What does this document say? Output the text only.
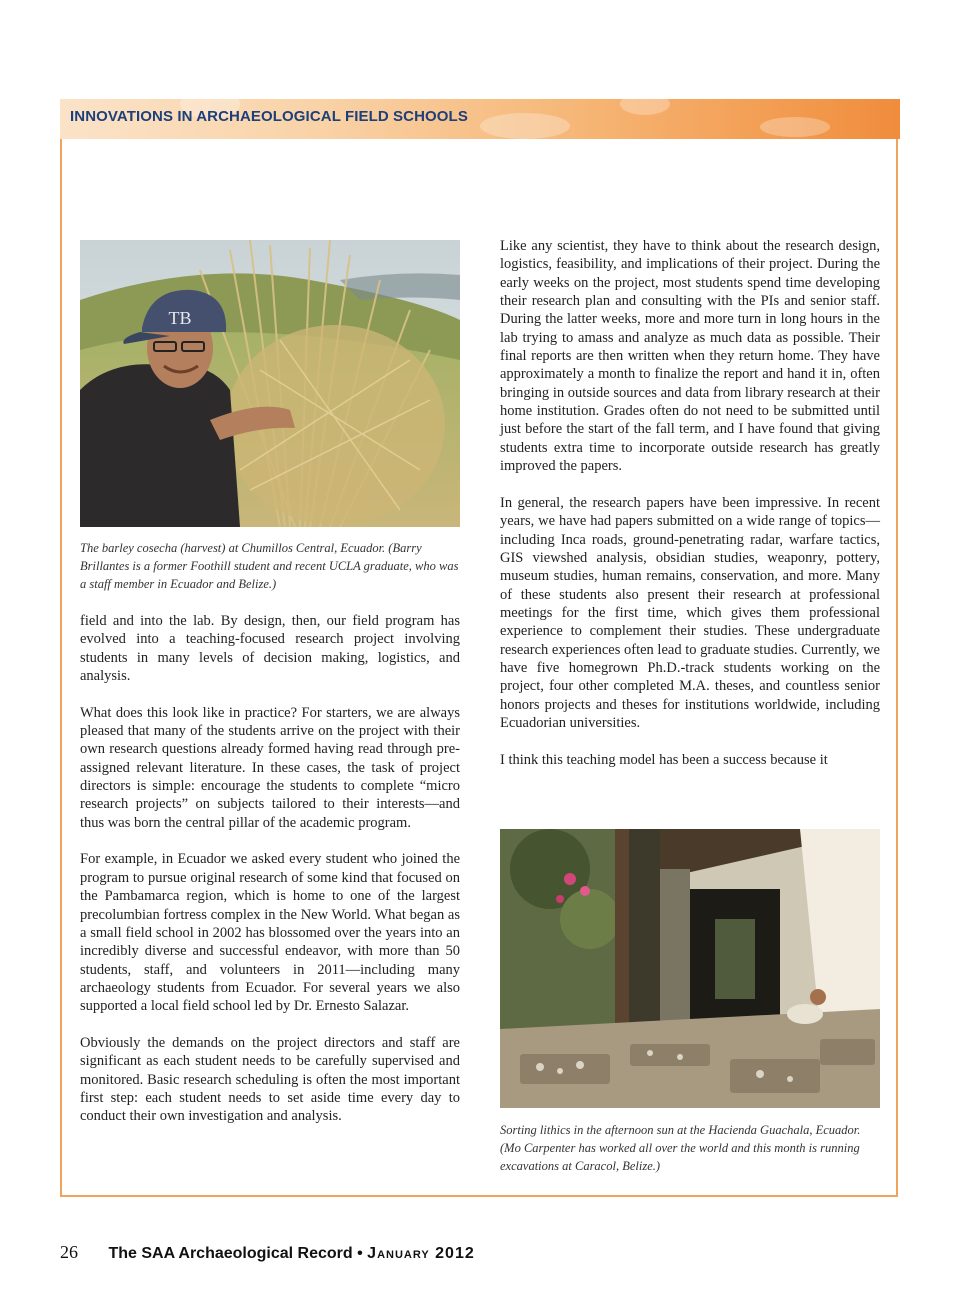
INNOVATIONS IN ARCHAEOLOGICAL FIELD SCHOOLS
TB
The barley cosecha (harvest) at Chumillos Central, Ecuador. (Barry Brillantes is a former Foothill student and recent UCLA graduate, who was a staff member in Ecuador and Belize.)

field and into the lab. By design, then, our field program has evolved into a teaching-focused research project involving students in many levels of decision making, logistics, and analysis.

What does this look like in practice? For starters, we are always pleased that many of the students arrive on the project with their own research questions already formed having read through pre-assigned relevant literature. In these cases, the task of project directors is simple: encourage the students to complete “micro research projects” on subjects tailored to their interests—and thus was born the central pillar of the academic program.

For example, in Ecuador we asked every student who joined the program to pursue original research of some kind that focused on the Pambamarca region, which is home to one of the largest precolumbian fortress complex in the New World. What began as a small field school in 2002 has blossomed over the years into an incredibly diverse and successful endeavor, with more than 50 students, staff, and volunteers in 2011—including many archaeology students from Ecuador. For several years we also supported a local field school led by Dr. Ernesto Salazar.

Obviously the demands on the project directors and staff are significant as each student needs to be carefully supervised and monitored. Basic research scheduling is often the most important first step: each student needs to set aside time every day to conduct their own investigation and analysis.

Like any scientist, they have to think about the research design, logistics, feasibility, and implications of their project. During the early weeks on the project, most students spend time developing their research plan and consulting with the PIs and senior staff. During the latter weeks, more and more turn in long hours in the lab trying to amass and analyze as much data as possible. Their final reports are then written when they return home. They have approximately a month to finalize the report and hand it in, often bringing in outside sources and data from library research at their home institution. Grades often do not need to be submitted until just before the start of the fall term, and I have found that giving students extra time to incorporate outside research has greatly improved the papers.

In general, the research papers have been impressive. In recent years, we have had papers submitted on a wide range of topics—including Inca roads, ground-penetrating radar, warfare tactics, GIS viewshed analysis, obsidian studies, weaponry, pottery, museum studies, human remains, conservation, and more. Many of these students also present their research at professional meetings for the first time, which gives them professional experience to complement their studies. These undergraduate research experiences often lead to graduate studies. Currently, we have five homegrown Ph.D.-track students working on the project, four other completed M.A. theses, and countless senior honors projects and theses for institutions worldwide, including Ecuadorian universities.

I think this teaching model has been a success because it

Sorting lithics in the afternoon sun at the Hacienda Guachala, Ecuador. (Mo Carpenter has worked all over the world and this month is running excavations at Caracol, Belize.)
26 The SAA Archaeological Record • January 2012
